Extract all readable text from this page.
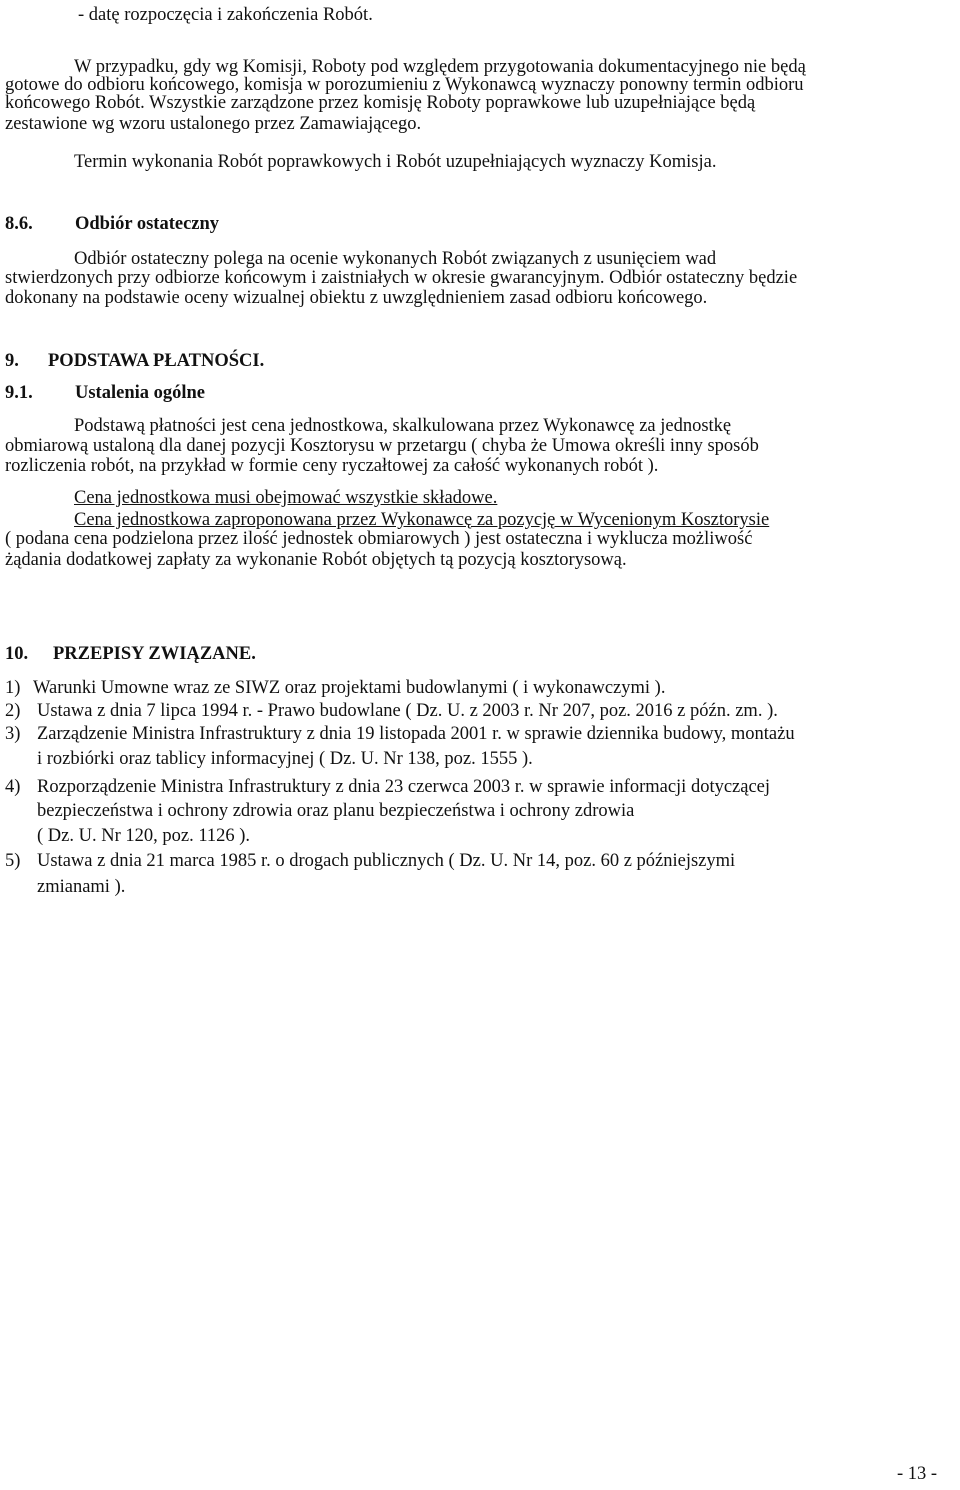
- datę rozpoczęcia i zakończenia Robót.
W przypadku, gdy wg Komisji, Roboty pod względem przygotowania dokumentacyjnego nie będą
gotowe do odbioru końcowego, komisja w porozumieniu z Wykonawcą wyznaczy ponowny termin odbioru
końcowego Robót. Wszystkie zarządzone przez komisję Roboty poprawkowe lub uzupełniające będą
zestawione wg wzoru ustalonego przez Zamawiającego.
Termin wykonania Robót poprawkowych i Robót uzupełniających wyznaczy Komisja.
8.6. Odbiór ostateczny
Odbiór ostateczny polega na ocenie wykonanych Robót związanych z usunięciem wad
stwierdzonych przy odbiorze końcowym i zaistniałych w okresie gwarancyjnym. Odbiór ostateczny będzie
dokonany na podstawie oceny wizualnej obiektu z uwzględnieniem zasad odbioru końcowego.
9. PODSTAWA PŁATNOŚCI.
9.1. Ustalenia ogólne
Podstawą płatności jest cena jednostkowa, skalkulowana przez Wykonawcę za jednostkę
obmiarową ustaloną dla danej pozycji Kosztorysu w przetargu ( chyba że Umowa określi inny sposób
rozliczenia robót, na przykład w formie ceny ryczałtowej za całość wykonanych robót ).
Cena jednostkowa musi obejmować wszystkie składowe.
Cena jednostkowa zaproponowana przez Wykonawcę za pozycję w Wycenionym Kosztorysie
( podana cena podzielona przez ilość jednostek obmiarowych ) jest ostateczna i wyklucza możliwość
żądania dodatkowej zapłaty za wykonanie Robót objętych tą pozycją kosztorysową.
10. PRZEPISY ZWIĄZANE.
1) Warunki Umowne wraz ze SIWZ oraz projektami budowlanymi ( i wykonawczymi ).
2) Ustawa z dnia 7 lipca 1994 r. - Prawo budowlane ( Dz. U. z 2003 r. Nr 207, poz. 2016 z późn. zm. ).
3) Zarządzenie Ministra Infrastruktury z dnia 19 listopada 2001 r. w sprawie dziennika budowy, montażu
i rozbiórki oraz tablicy informacyjnej ( Dz. U. Nr 138, poz. 1555 ).
4) Rozporządzenie Ministra Infrastruktury z dnia 23 czerwca 2003 r. w sprawie informacji dotyczącej
bezpieczeństwa i ochrony zdrowia oraz planu bezpieczeństwa i ochrony zdrowia
( Dz. U. Nr 120, poz. 1126 ).
5) Ustawa z dnia 21 marca 1985 r. o drogach publicznych ( Dz. U. Nr 14, poz. 60 z późniejszymi
zmianami ).
- 13 -
